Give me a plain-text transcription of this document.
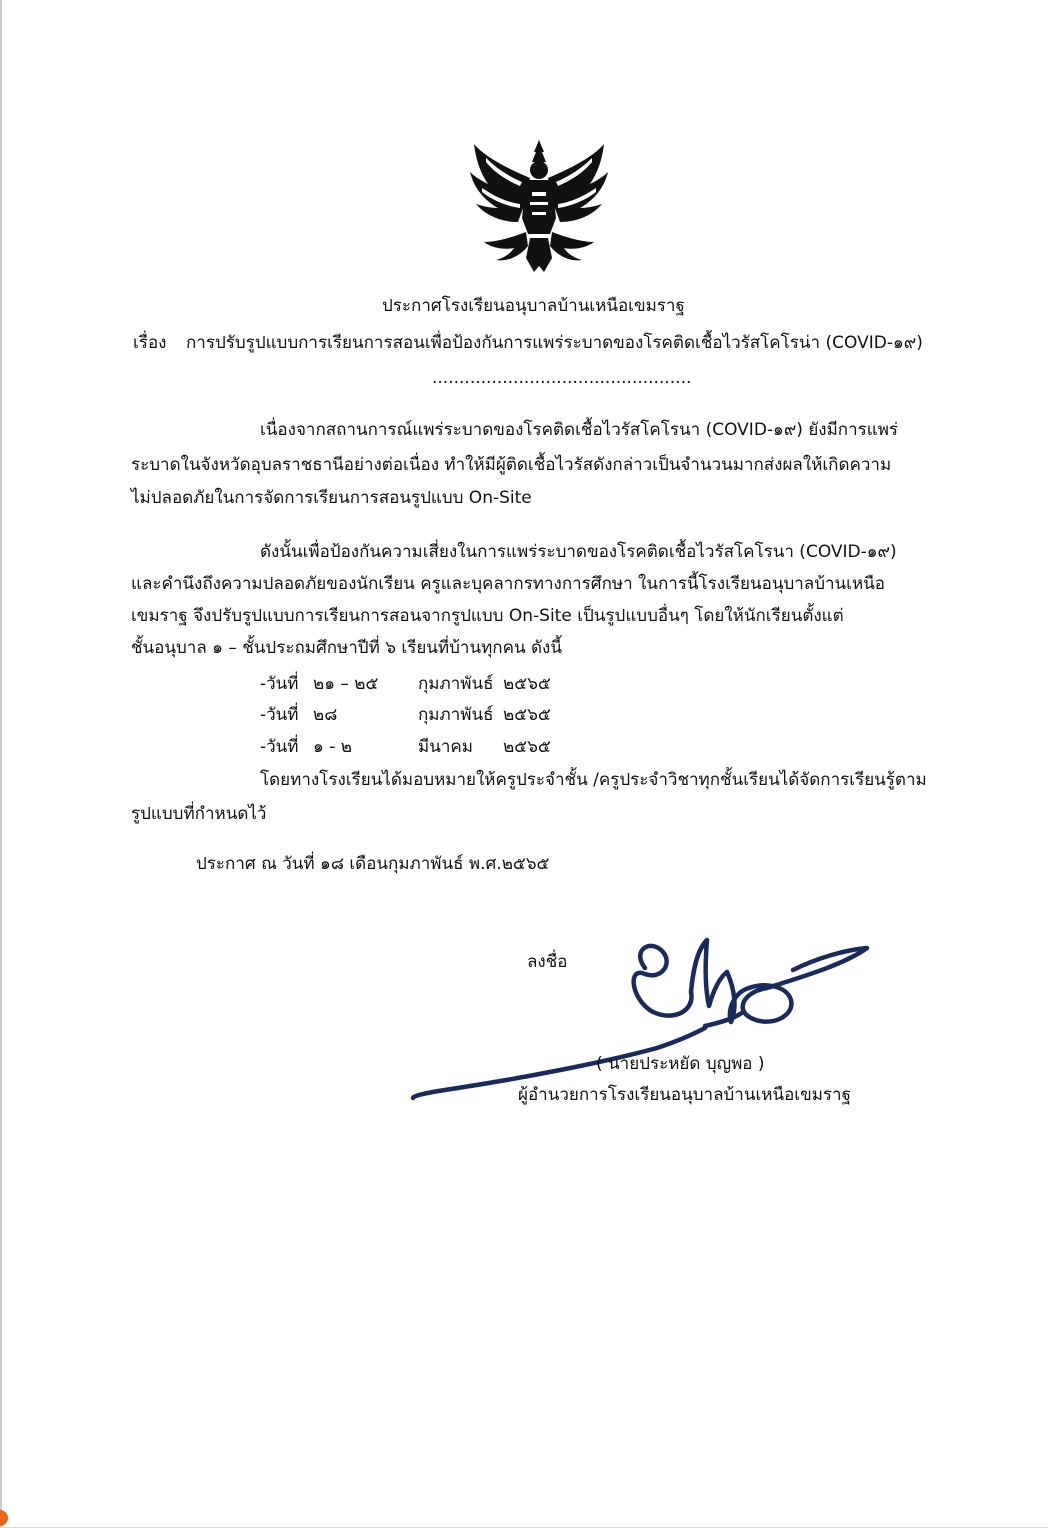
ประกาศโรงเรียนอนุบาลบ้านเหนือเขมราฐ
เรื่อง การปรับรูปแบบการเรียนการสอนเพื่อป้องกันการแพร่ระบาดของโรคติดเชื้อไวรัสโคโรน่า (COVID-๑๙)
................................................
เนื่องจากสถานการณ์แพร่ระบาดของโรคติดเชื้อไวรัสโคโรนา (COVID-๑๙) ยังมีการแพร่
ระบาดในจังหวัดอุบลราชธานีอย่างต่อเนื่อง ทำให้มีผู้ติดเชื้อไวรัสดังกล่าวเป็นจำนวนมากส่งผลให้เกิดความ
ไม่ปลอดภัยในการจัดการเรียนการสอนรูปแบบ On-Site
ดังนั้นเพื่อป้องกันความเสี่ยงในการแพร่ระบาดของโรคติดเชื้อไวรัสโคโรนา (COVID-๑๙)
และคำนึงถึงความปลอดภัยของนักเรียน ครูและบุคลากรทางการศึกษา ในการนี้โรงเรียนอนุบาลบ้านเหนือ
เขมราฐ จึงปรับรูปแบบการเรียนการสอนจากรูปแบบ On-Site เป็นรูปแบบอื่นๆ โดยให้นักเรียนตั้งแต่
ชั้นอนุบาล ๑ – ชั้นประถมศึกษาปีที่ ๖ เรียนที่บ้านทุกคน ดังนี้
-วันที่ ๒๑ – ๒๕ กุมภาพันธ์ ๒๕๖๕
-วันที่ ๒๘	กุมภาพันธ์ ๒๕๖๕
-วันที่ ๑ - ๒	มีนาคม ๒๕๖๕
โดยทางโรงเรียนได้มอบหมายให้ครูประจำชั้น /ครูประจำวิชาทุกชั้นเรียนได้จัดการเรียนรู้ตาม
รูปแบบที่กำหนดไว้
ประกาศ ณ วันที่ ๑๘ เดือนกุมภาพันธ์ พ.ศ.๒๕๖๕
ลงชื่อ
( นายประหยัด บุญพอ )
ผู้อำนวยการโรงเรียนอนุบาลบ้านเหนือเขมราฐ
